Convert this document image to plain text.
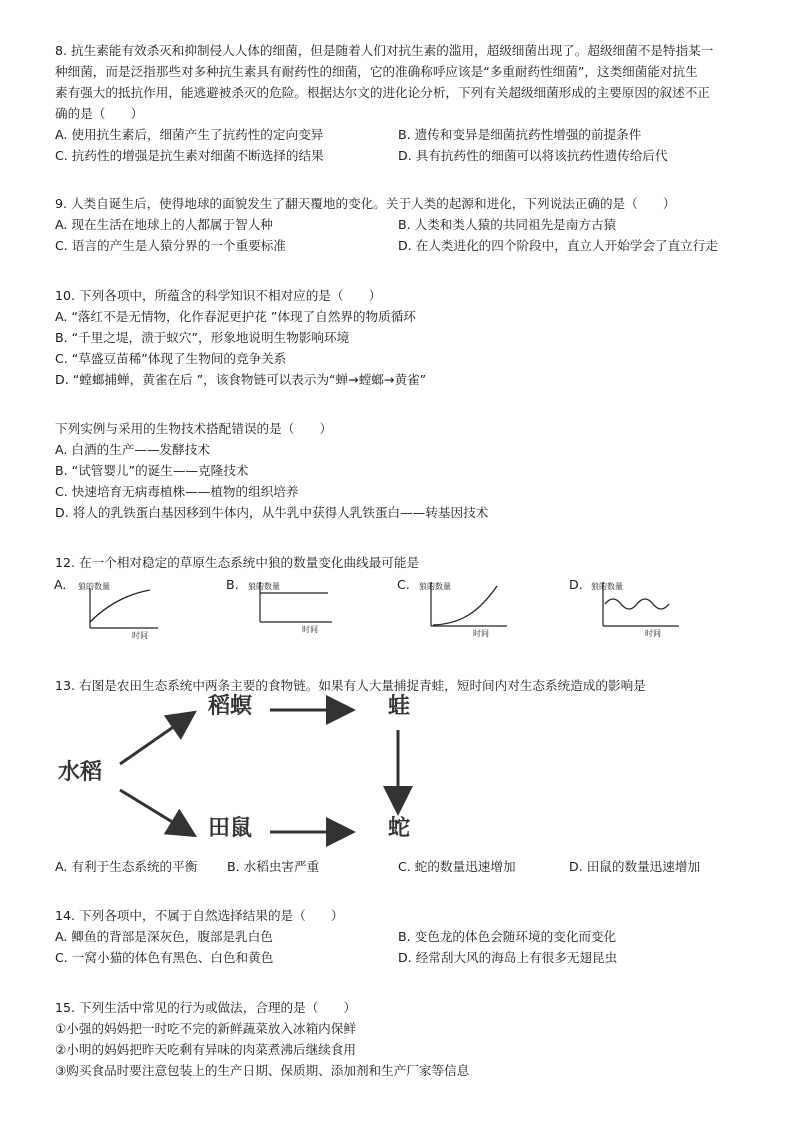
8. 抗生素能有效杀灭和抑制侵人人体的细菌，但是随着人们对抗生素的滥用，超级细菌出现了。超级细菌不是特指某一
种细菌，而是泛指那些对多种抗生素具有耐药性的细菌，它的准确称呼应该是“多重耐药性细菌”，这类细菌能对抗生
素有强大的抵抗作用，能逃避被杀灭的危险。根据达尔文的进化论分析，下列有关超级细菌形成的主要原因的叙述不正
确的是（　　）
A. 使用抗生素后，细菌产生了抗药性的定向变异	B. 遗传和变异是细菌抗药性增强的前提条件
C. 抗药性的增强是抗生素对细菌不断选择的结果	D. 具有抗药性的细菌可以将该抗药性遗传给后代
9. 人类自诞生后，使得地球的面貌发生了翻天覆地的变化。关于人类的起源和进化，下列说法正确的是（　　）
A. 现在生活在地球上的人都属于智人种	B. 人类和类人猿的共同祖先是南方古猿
C. 语言的产生是人猿分界的一个重要标准	D. 在人类进化的四个阶段中，直立人开始学会了直立行走
10. 下列各项中，所蕴含的科学知识不相对应的是（　　）
A. “落红不是无情物，化作春泥更护花 ”体现了自然界的物质循环
B. “千里之堤，溃于蚁穴”，形象地说明生物影响环境
C. “草盛豆苗稀”体现了生物间的竞争关系
D. “螳螂捕蝉，黄雀在后 ”，该食物链可以表示为“蝉→螳螂→黄雀”
下列实例与采用的生物技术搭配错误的是（　　）
A. 白酒的生产——发酵技术
B. “试管婴儿”的诞生——克隆技术
C. 快速培育无病毒植株——植物的组织培养
D. 将人的乳铁蛋白基因移到牛体内，从牛乳中获得人乳铁蛋白——转基因技术
12. 在一个相对稳定的草原生态系统中狼的数量变化曲线最可能是
A. 狼的数量
时间
B. 狼的数量
时间
C. 狼的数量
时间
D. 狼的数量
时间
13. 右图是农田生态系统中两条主要的食物链。如果有人大量捕捉青蛙，短时间内对生态系统造成的影响是
水稻
稻螟
田鼠
蛙
蛇
A. 有利于生态系统的平衡 B. 水稻虫害严重	C. 蛇的数量迅速增加	D. 田鼠的数量迅速增加
14. 下列各项中，不属于自然选择结果的是（　　）
A. 鲫鱼的背部是深灰色，腹部是乳白色	B. 变色龙的体色会随环境的变化而变化
C. 一窝小猫的体色有黑色、白色和黄色	D. 经常刮大风的海岛上有很多无翅昆虫
15. 下列生活中常见的行为或做法，合理的是（　　）
①小强的妈妈把一时吃不完的新鲜蔬菜放入冰箱内保鲜
②小明的妈妈把昨天吃剩有异味的肉菜煮沸后继续食用
③购买食品时要注意包装上的生产日期、保质期、添加剂和生产厂家等信息
